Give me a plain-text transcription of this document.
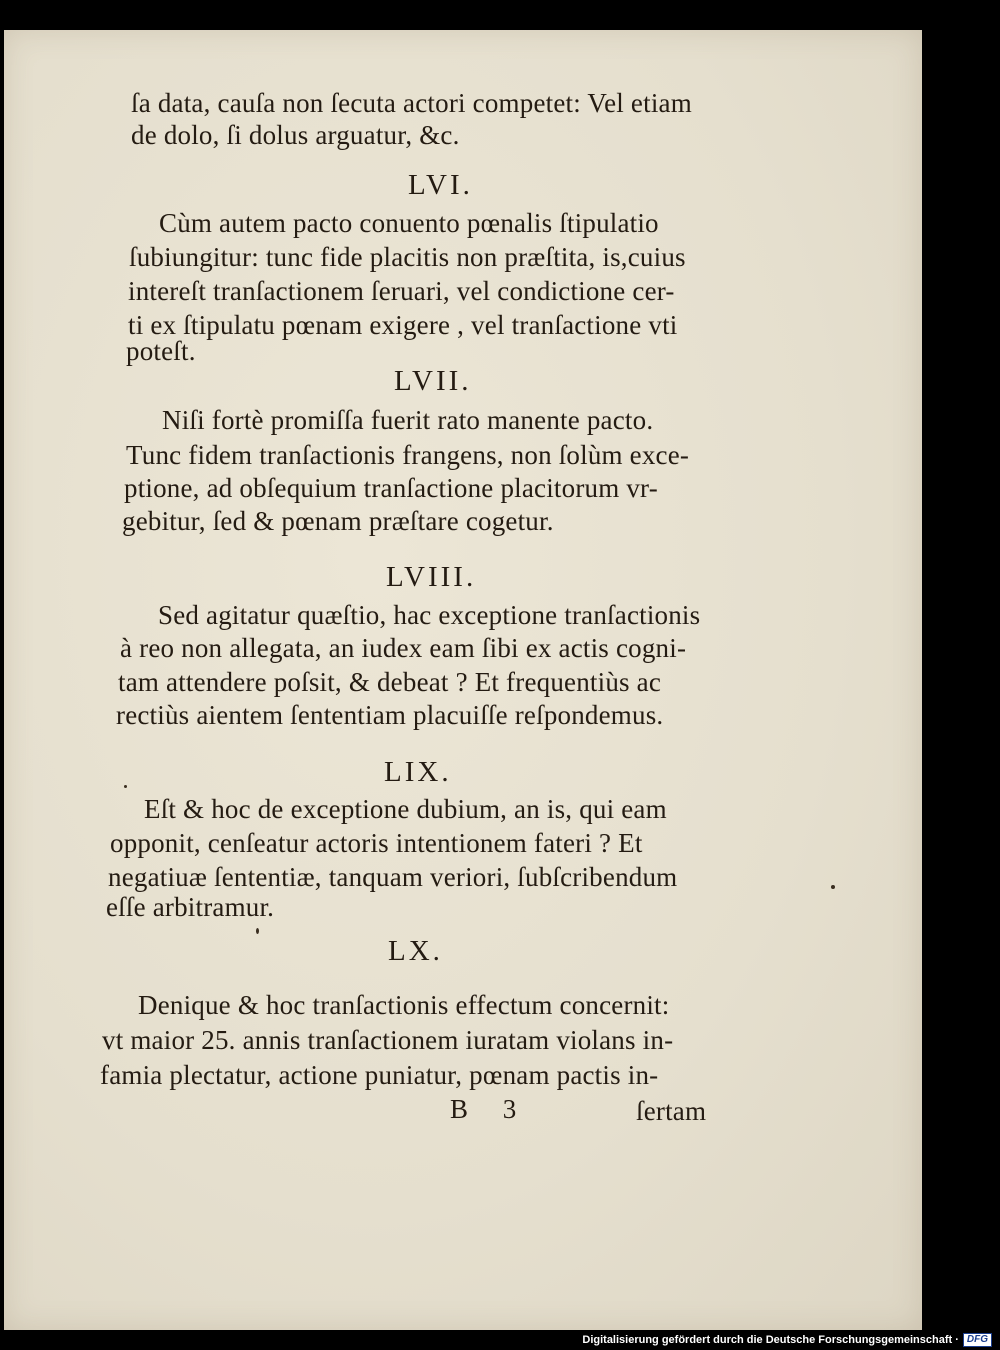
ſa data, cauſa non ſecuta actori competet: Vel etiam
de dolo, ſi dolus arguatur, &c.
LVI.
Cùm autem pacto conuento pœnalis ſtipulatio
ſubiungitur: tunc fide placitis non præſtita, is,cuius
intereſt tranſactionem ſeruari, vel condictione cer-
ti ex ſtipulatu pœnam exigere , vel tranſactione vti
poteſt.
LVII.
Niſi fortè promiſſa fuerit rato manente pacto.
Tunc fidem tranſactionis frangens, non ſolùm exce-
ptione, ad obſequium tranſactione placitorum vr-
gebitur, ſed & pœnam præſtare cogetur.
LVIII.
Sed agitatur quæſtio, hac exceptione tranſactionis
à reo non allegata, an iudex eam ſibi ex actis cogni-
tam attendere poſsit, & debeat ? Et frequentiùs ac
rectiùs aientem ſententiam placuiſſe reſpondemus.
LIX.
Eſt & hoc de exceptione dubium, an is, qui eam
opponit, cenſeatur actoris intentionem fateri ? Et
negatiuæ ſententiæ, tanquam veriori, ſubſcribendum
eſſe arbitramur.
LX.
Denique & hoc tranſactionis effectum concernit:
vt maior 25. annis tranſactionem iuratam violans in-
famia plectatur, actione puniatur, pœnam pactis in-
B 3	ſertam
Digitalisierung gefördert durch die Deutsche Forschungsgemeinschaft · DFG
